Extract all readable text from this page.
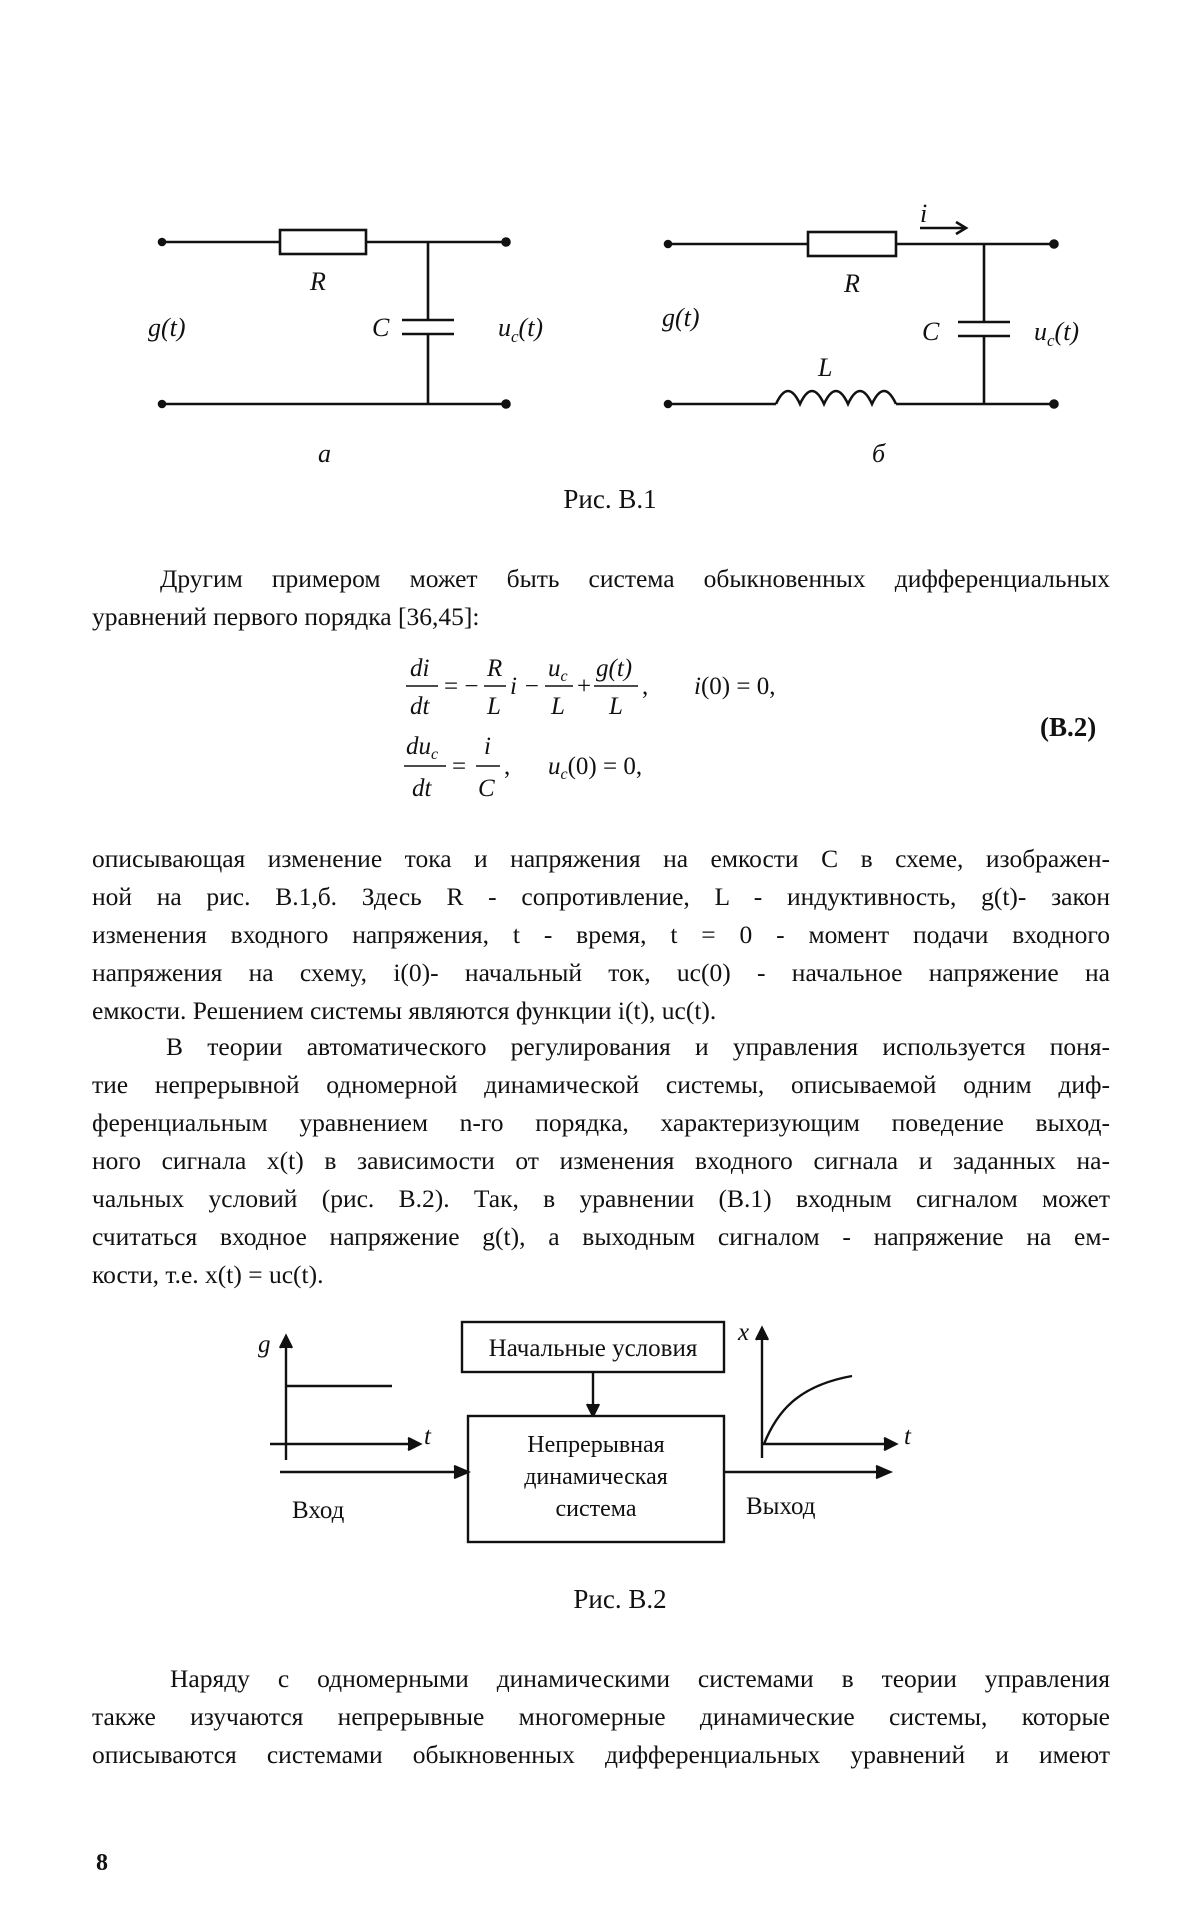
R
C
g(t)	$u_c(t)$
а
i
R
C
L
g(t)	$u_c(t)$
б
Рис. В.1
Другим примером может быть система обыкновенных дифференциальных
уравнений первого порядка [36,45]:
di
dt
= −
R
L
i −
$u_c$
L
+
g(t)
L
, i(0) = 0,
$du_c$
dt
=
i
C
, $u_c(0) = 0$,
(В.2)
описывающая изменение тока и напряжения на емкости C в схеме, изображен-
ной на рис. В.1,б. Здесь R - сопротивление, L - индуктивность, g(t)- закон
изменения входного напряжения, t - время, t = 0 - момент подачи входного
напряжения на схему, i(0)- начальный ток, uc(0) - начальное напряжение на
емкости. Решением системы являются функции i(t), uc(t).
В теории автоматического регулирования и управления используется поня-
тие непрерывной одномерной динамической системы, описываемой одним диф-
ференциальным уравнением n-го порядка, характеризующим поведение выход-
ного сигнала x(t) в зависимости от изменения входного сигнала и заданных на-
чальных условий (рис. В.2). Так, в уравнении (В.1) входным сигналом может
считаться входное напряжение g(t), а выходным сигналом - напряжение на ем-
кости, т.е. x(t) = uc(t).
g
t
x
t
Начальные условия
Непрерывная
динамическая
система
Вход	Выход
Рис. В.2
Наряду с одномерными динамическими системами в теории управления
также изучаются непрерывные многомерные динамические системы, которые
описываются системами обыкновенных дифференциальных уравнений и имеют
8
